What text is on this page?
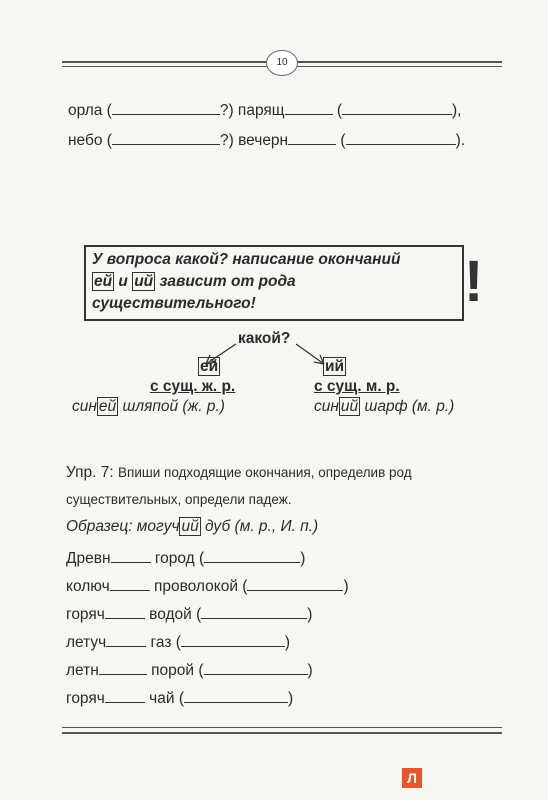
10
орла (	?) парящ	(	),
небо (	?) вечерн	(	).
У вопроса какой? написание окончаний
ей и ий зависит от рода
существительного!	!
какой?
ей
с сущ. ж. р.
син ей шляпой (ж. р.)
ий
с сущ. м. р.
син ий шарф (м. р.)
Упр. 7: Впиши подходящие окончания, определив род
существительных, определи падеж.
Образец: могуч ий дуб (м. р., И. п.)
Древн	город (	)
колюч	проволокой (	)
горяч	водой (	)
летуч	газ (	)
летн	порой (	)
горяч	чай (	)
Л
